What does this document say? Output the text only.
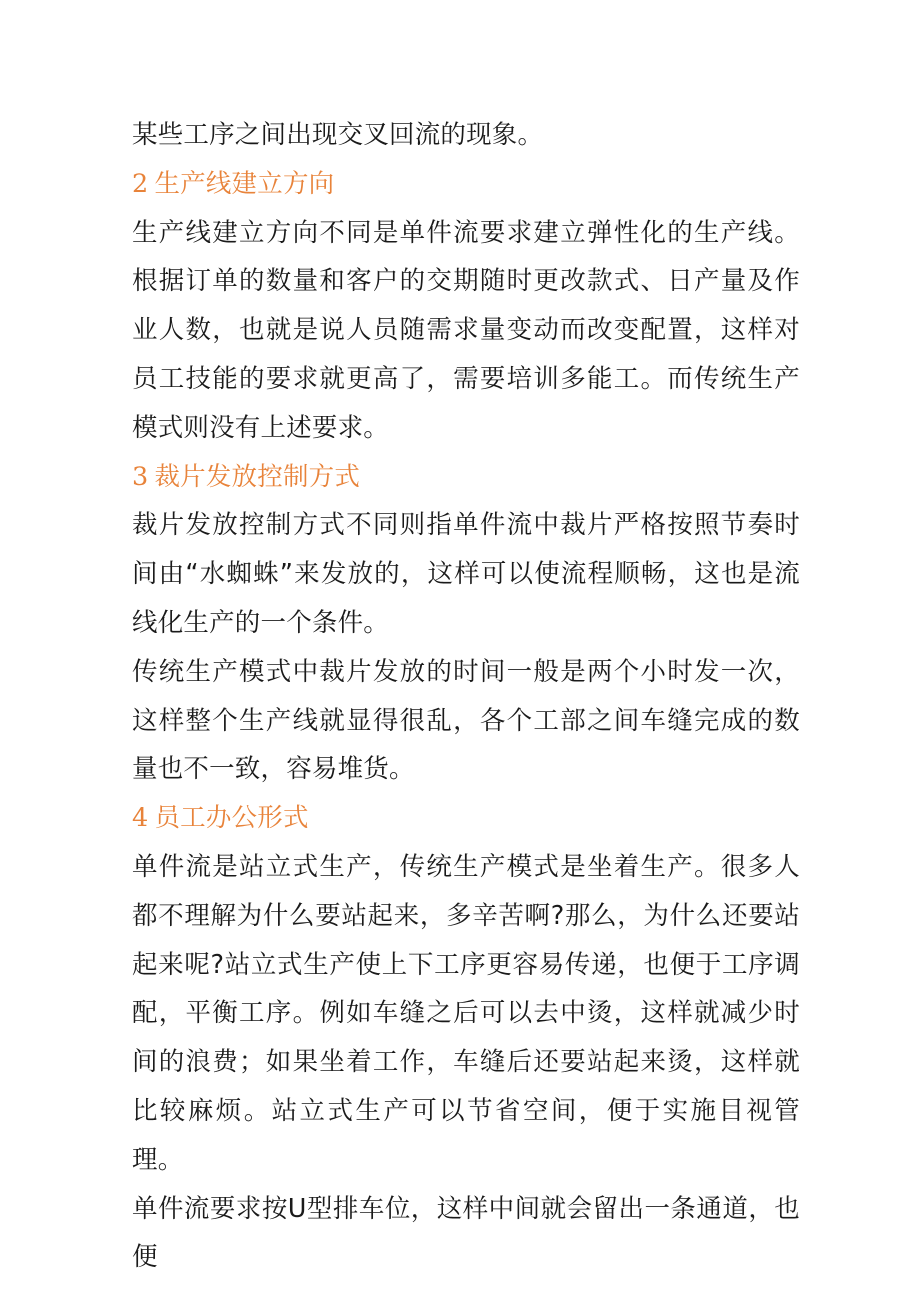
某些工序之间出现交叉回流的现象。

2 生产线建立方向

生产线建立方向不同是单件流要求建立弹性化的生产线。根据订单的数量和客户的交期随时更改款式、日产量及作业人数，也就是说人员随需求量变动而改变配置，这样对员工技能的要求就更高了，需要培训多能工。而传统生产模式则没有上述要求。

3 裁片发放控制方式

裁片发放控制方式不同则指单件流中裁片严格按照节奏时间由“水蜘蛛”来发放的，这样可以使流程顺畅，这也是流线化生产的一个条件。

传统生产模式中裁片发放的时间一般是两个小时发一次，这样整个生产线就显得很乱，各个工部之间车缝完成的数量也不一致，容易堆货。

4 员工办公形式

单件流是站立式生产，传统生产模式是坐着生产。很多人都不理解为什么要站起来，多辛苦啊?那么，为什么还要站起来呢?站立式生产使上下工序更容易传递，也便于工序调配，平衡工序。例如车缝之后可以去中烫，这样就减少时间的浪费；如果坐着工作，车缝后还要站起来烫，这样就比较麻烦。站立式生产可以节省空间，便于实施目视管理。

单件流要求按U型排车位，这样中间就会留出一条通道，也便
